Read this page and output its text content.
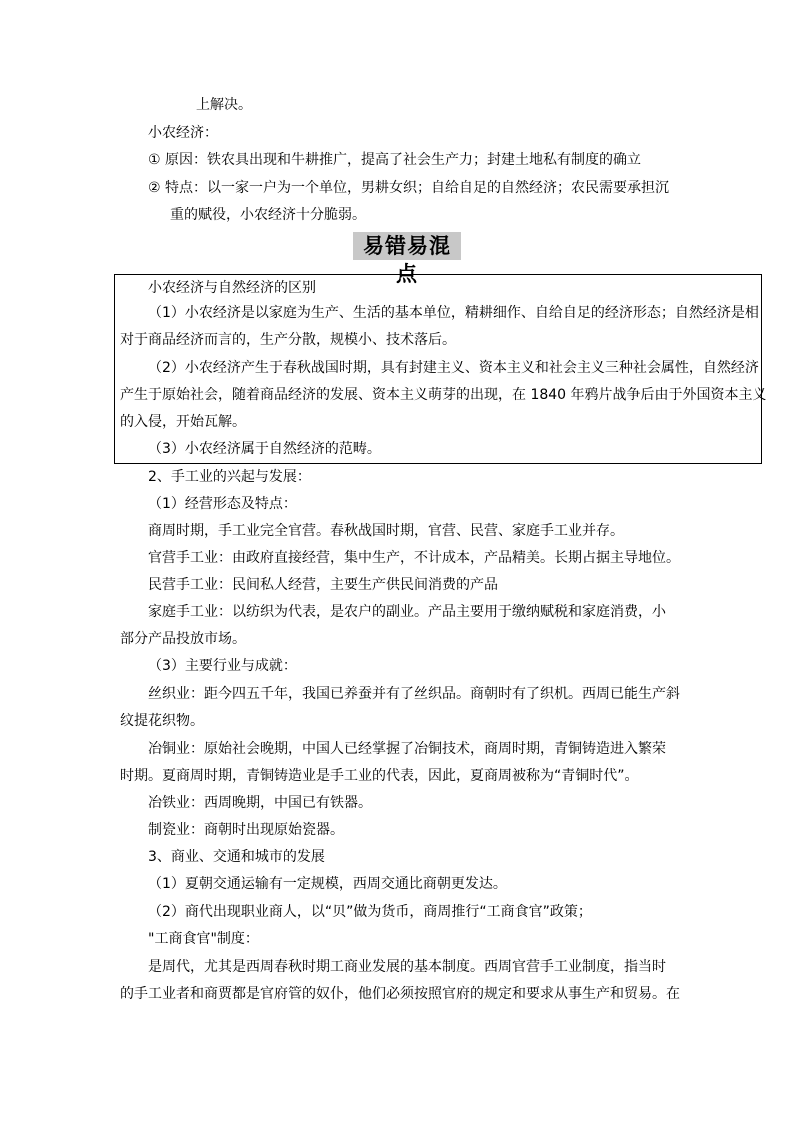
上解决。
小农经济：
① 原因：铁农具出现和牛耕推广，提高了社会生产力；封建土地私有制度的确立
② 特点：以一家一户为一个单位，男耕女织；自给自足的自然经济；农民需要承担沉
重的赋役，小农经济十分脆弱。
易错易混点
小农经济与自然经济的区别
（1）小农经济是以家庭为生产、生活的基本单位，精耕细作、自给自足的经济形态；自然经济是相
对于商品经济而言的，生产分散，规模小、技术落后。
（2）小农经济产生于春秋战国时期，具有封建主义、资本主义和社会主义三种社会属性，自然经济
产生于原始社会，随着商品经济的发展、资本主义萌芽的出现，在 1840 年鸦片战争后由于外国资本主义
的入侵，开始瓦解。
（3）小农经济属于自然经济的范畴。
2、手工业的兴起与发展：
（1）经营形态及特点：
商周时期，手工业完全官营。春秋战国时期，官营、民营、家庭手工业并存。
官营手工业：由政府直接经营，集中生产，不计成本，产品精美。长期占据主导地位。
民营手工业：民间私人经营，主要生产供民间消费的产品
家庭手工业：以纺织为代表，是农户的副业。产品主要用于缴纳赋税和家庭消费，小
部分产品投放市场。
（3）主要行业与成就：
丝织业：距今四五千年，我国已养蚕并有了丝织品。商朝时有了织机。西周已能生产斜
纹提花织物。
冶铜业：原始社会晚期，中国人已经掌握了冶铜技术，商周时期，青铜铸造进入繁荣
时期。夏商周时期，青铜铸造业是手工业的代表，因此，夏商周被称为“青铜时代”。
冶铁业：西周晚期，中国已有铁器。
制瓷业：商朝时出现原始瓷器。
3、商业、交通和城市的发展
（1）夏朝交通运输有一定规模，西周交通比商朝更发达。
（2）商代出现职业商人，以“贝”做为货币，商周推行“工商食官”政策；
"工商食官"制度：
是周代，尤其是西周春秋时期工商业发展的基本制度。西周官营手工业制度，指当时
的手工业者和商贾都是官府管的奴仆，他们必须按照官府的规定和要求从事生产和贸易。在
